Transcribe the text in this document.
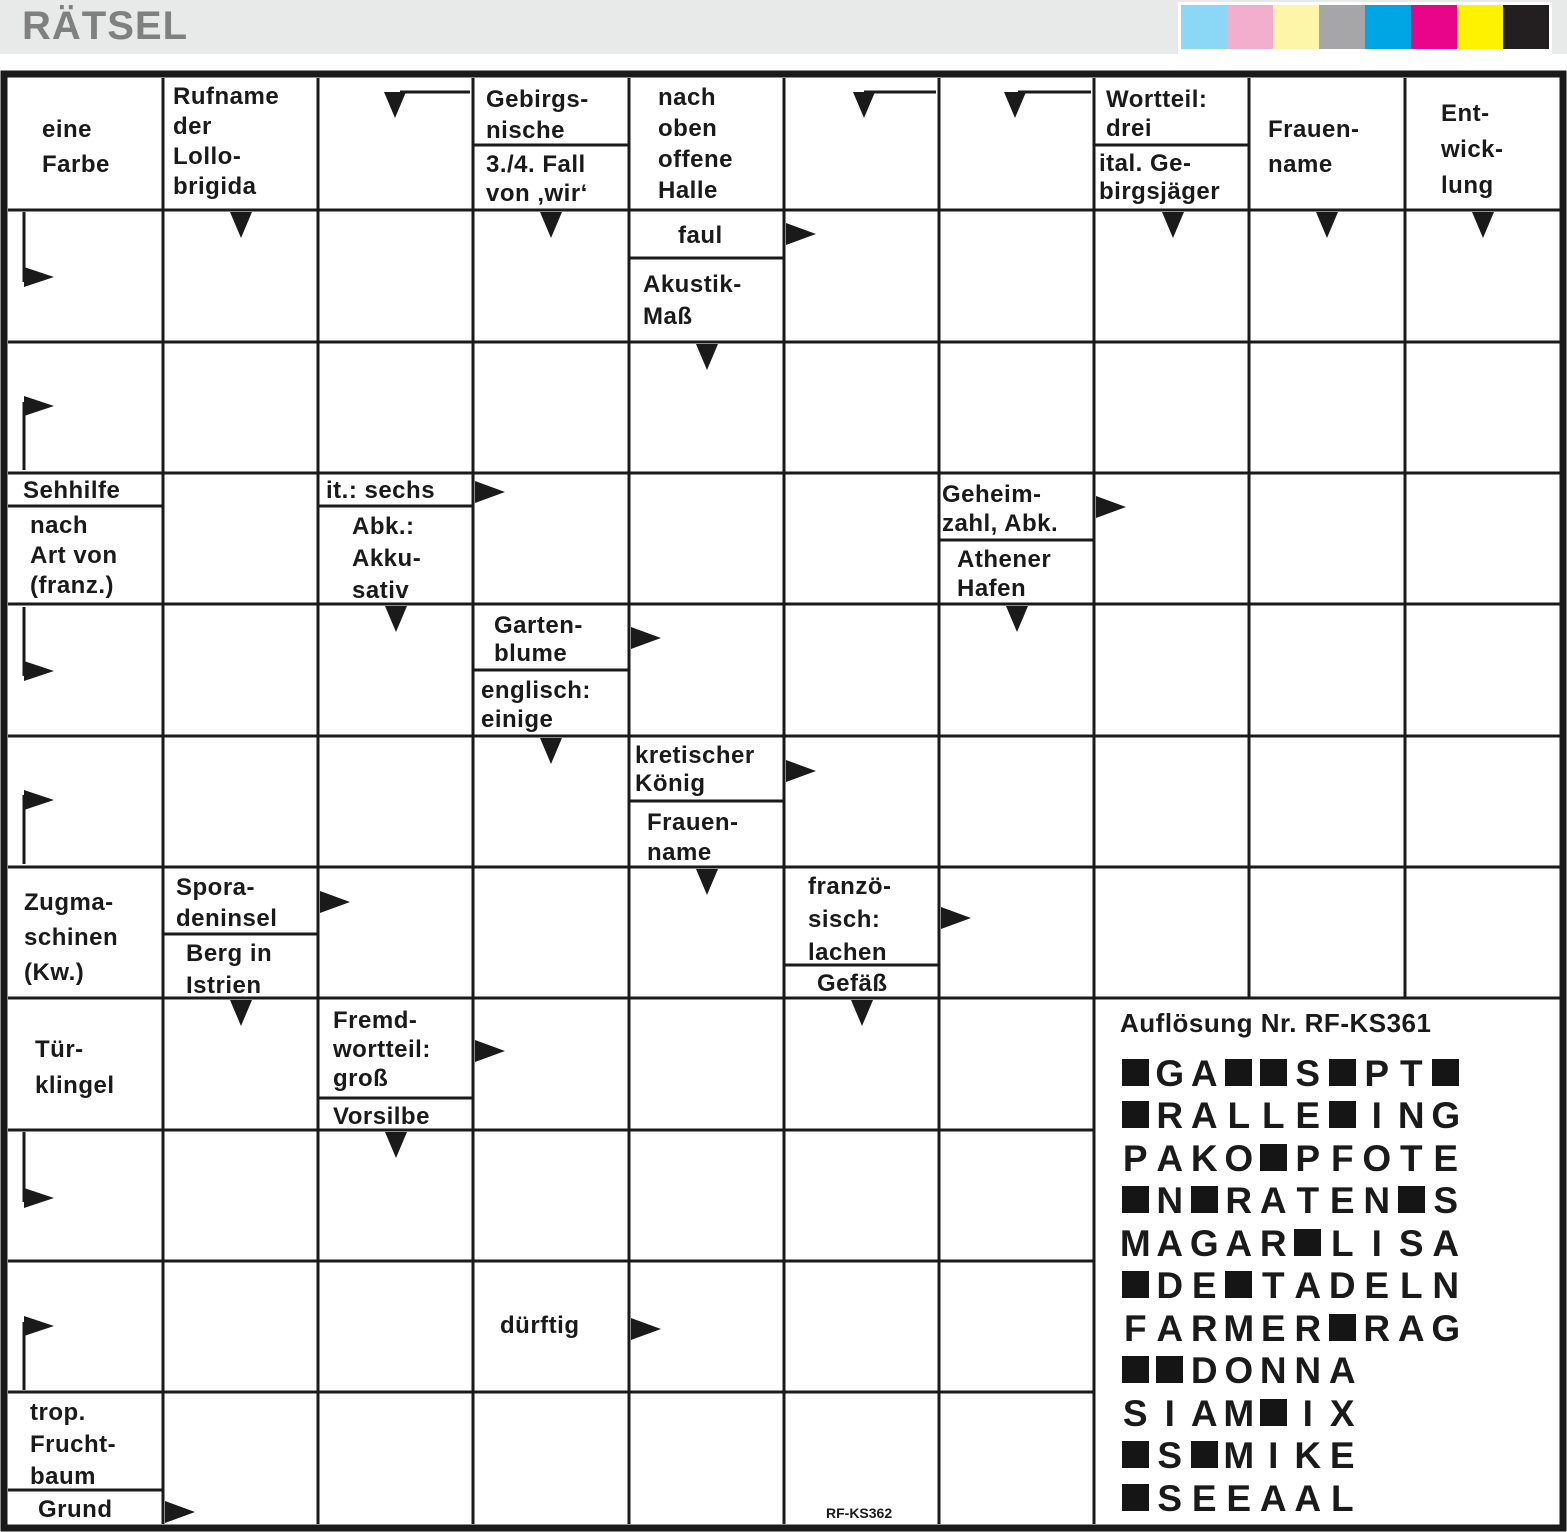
RÄTSEL
eine
Farbe
Rufname
der
Lollo-
brigida
Gebirgs-
nische
3./4. Fall
von ‚wir‘
nach
oben
offene
Halle
Wortteil:
drei
ital. Ge-
birgsjäger
Frauen-
name
Ent-
wick-
lung
faul
Akustik-
Maß
Sehhilfe
nach
Art von
(franz.)
it.: sechs
Abk.:
Akku-
sativ
Geheim-
zahl, Abk.
Athener
Hafen
Garten-
blume
englisch:
einige
kretischer
König
Frauen-
name
Zugma-
schinen
(Kw.)
Spora-
deninsel
Berg in
Istrien
franzö-
sisch:
lachen
Gefäß
Tür-
klingel
Fremd-
wortteil:
groß
Vorsilbe
dürftig
trop.
Frucht-
baum
Grund
Auflösung Nr. RF-KS361
G A S P T
R A L L E	I N G
P A K O P F O T E
N R A T E N S
M A G A R L I S A
D E T A D E L N
F A R M E R R A G
D O N N A
S I A M	I X
S M I K E
S E E A A L
RF-KS362
